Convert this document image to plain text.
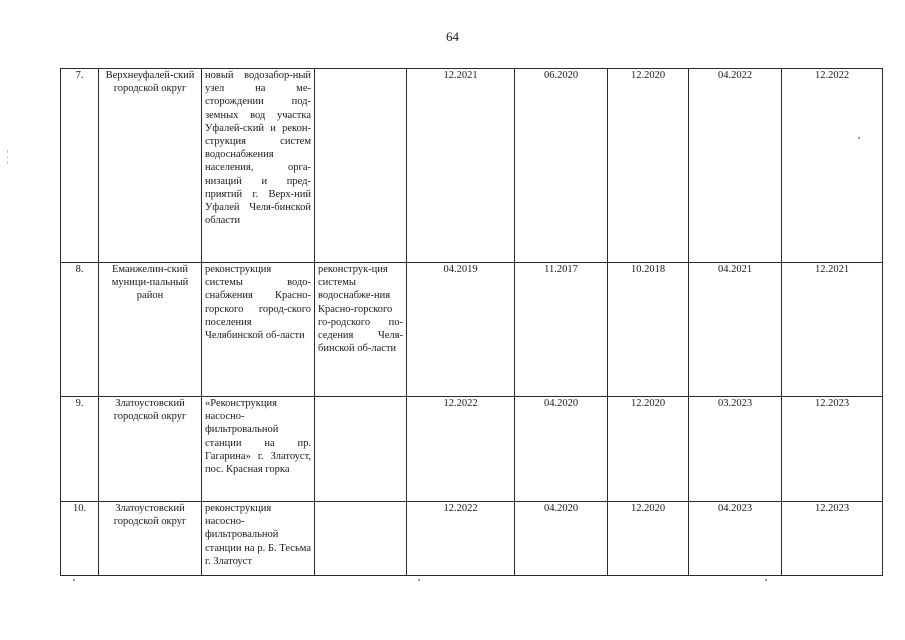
64
7.	Верхнеуфалей-ский городской округ	новый водозабор-ный узел на ме-сторождении под-земных вод участка Уфалей-ский и рекон-струкция систем водоснабжения населения, орга-низаций и пред-приятий г. Верх-ний Уфалей Челя-бинской области		12.2021	06.2020	12.2020	04.2022	12.2022
8.	Еманжелин-ский муници-пальный район	реконструкция системы водо-снабжения Красно-горского город-ского поселения Челябинской об-ласти	реконструк-ция системы водоснабже-ния Красно-горского го-родского по-седения Челя-бинской об-ласти	04.2019	11.2017	10.2018	04.2021	12.2021
9.	Златоустовский городской округ	«Реконструкция насосно-фильтровальной станции на пр. Гагарина» г. Златоуст, пос. Красная горка		12.2022	04.2020	12.2020	03.2023	12.2023
10.	Златоустовский городской округ	реконструкция насосно-фильтровальной станции на р. Б. Тесьма г. Златоуст		12.2022	04.2020	12.2020	04.2023	12.2023
